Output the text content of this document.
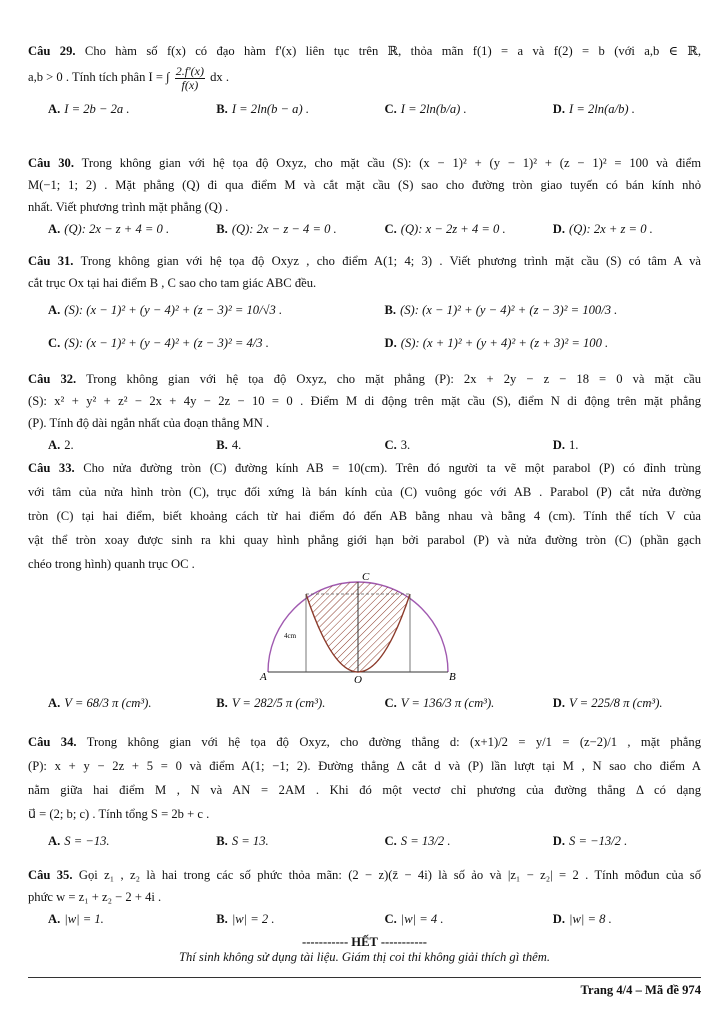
Câu 29. Cho hàm số f(x) có đạo hàm f'(x) liên tục trên ℝ, thỏa mãn f(1) = a và f(2) = b (với a,b ∈ ℝ,
a,b > 0 . Tính tích phân I = ∫ $\frac{2.f'(x)}{f(x)}$ dx .
A. I = 2b − 2a .	B. I = 2ln(b − a) .	C. I = 2ln(b/a) .	D. I = 2ln(a/b) .
Câu 30. Trong không gian với hệ tọa độ Oxyz, cho mặt cầu (S): (x − 1)² + (y − 1)² + (z − 1)² = 100 và điểm
M(−1; 1; 2) . Mặt phẳng (Q) đi qua điểm M và cắt mặt cầu (S) sao cho đường tròn giao tuyến có bán kính nhỏ
nhất. Viết phương trình mặt phẳng (Q) .
A. (Q): 2x − z + 4 = 0 .	B. (Q): 2x − z − 4 = 0 .	C. (Q): x − 2z + 4 = 0 .	D. (Q): 2x + z = 0 .
Câu 31. Trong không gian với hệ tọa độ Oxyz , cho điểm A(1; 4; 3) . Viết phương trình mặt cầu (S) có tâm A và
cắt trục Ox tại hai điểm B , C sao cho tam giác ABC đều.
A. (S): (x − 1)² + (y − 4)² + (z − 3)² = 10/√3 .	B. (S): (x − 1)² + (y − 4)² + (z − 3)² = 100/3 .
C. (S): (x − 1)² + (y − 4)² + (z − 3)² = 4/3 .	D. (S): (x + 1)² + (y + 4)² + (z + 3)² = 100 .
Câu 32. Trong không gian với hệ tọa độ Oxyz, cho mặt phẳng (P): 2x + 2y − z − 18 = 0 và mặt cầu
(S): x² + y² + z² − 2x + 4y − 2z − 10 = 0 . Điểm M di động trên mặt cầu (S), điểm N di động trên mặt phẳng
(P). Tính độ dài ngắn nhất của đoạn thẳng MN .
A. 2.	B. 4.	C. 3.	D. 1.
Câu 33. Cho nửa đường tròn (C) đường kính AB = 10(cm). Trên đó người ta vẽ một parabol (P) có đỉnh trùng
với tâm của nửa hình tròn (C), trục đối xứng là bán kính của (C) vuông góc với AB . Parabol (P) cắt nửa đường
tròn (C) tại hai điểm, biết khoảng cách từ hai điểm đó đến AB bằng nhau và bằng 4 (cm). Tính thể tích V của
vật thể tròn xoay được sinh ra khi quay hình phẳng giới hạn bởi parabol (P) và nửa đường tròn (C) (phần gạch
chéo trong hình) quanh trục OC .
C
A	O	B
4cm
A. V = 68/3 π (cm³).	B. V = 282/5 π (cm³).	C. V = 136/3 π (cm³).	D. V = 225/8 π (cm³).
Câu 34. Trong không gian với hệ tọa độ Oxyz, cho đường thẳng d: (x+1)/2 = y/1 = (z−2)/1 , mặt phẳng
(P): x + y − 2z + 5 = 0 và điểm A(1; −1; 2). Đường thẳng Δ cắt d và (P) lần lượt tại M , N sao cho điểm A
nằm giữa hai điểm M , N và AN = 2AM . Khi đó một vectơ chỉ phương của đường thẳng Δ có dạng
u⃗ = (2; b; c) . Tính tổng S = 2b + c .
A. S = −13.	B. S = 13.	C. S = 13/2 .	D. S = −13/2 .
Câu 35. Gọi z₁ , z₂ là hai trong các số phức thỏa mãn: (2 − z)(z̄ − 4i) là số ảo và |z₁ − z₂| = 2 . Tính môđun của số
phức w = z₁ + z₂ − 2 + 4i .
A. |w| = 1.	B. |w| = 2 .	C. |w| = 4 .	D. |w| = 8 .
----------- HẾT -----------
Thí sinh không sử dụng tài liệu. Giám thị coi thi không giải thích gì thêm.
Trang 4/4 – Mã đề 974
